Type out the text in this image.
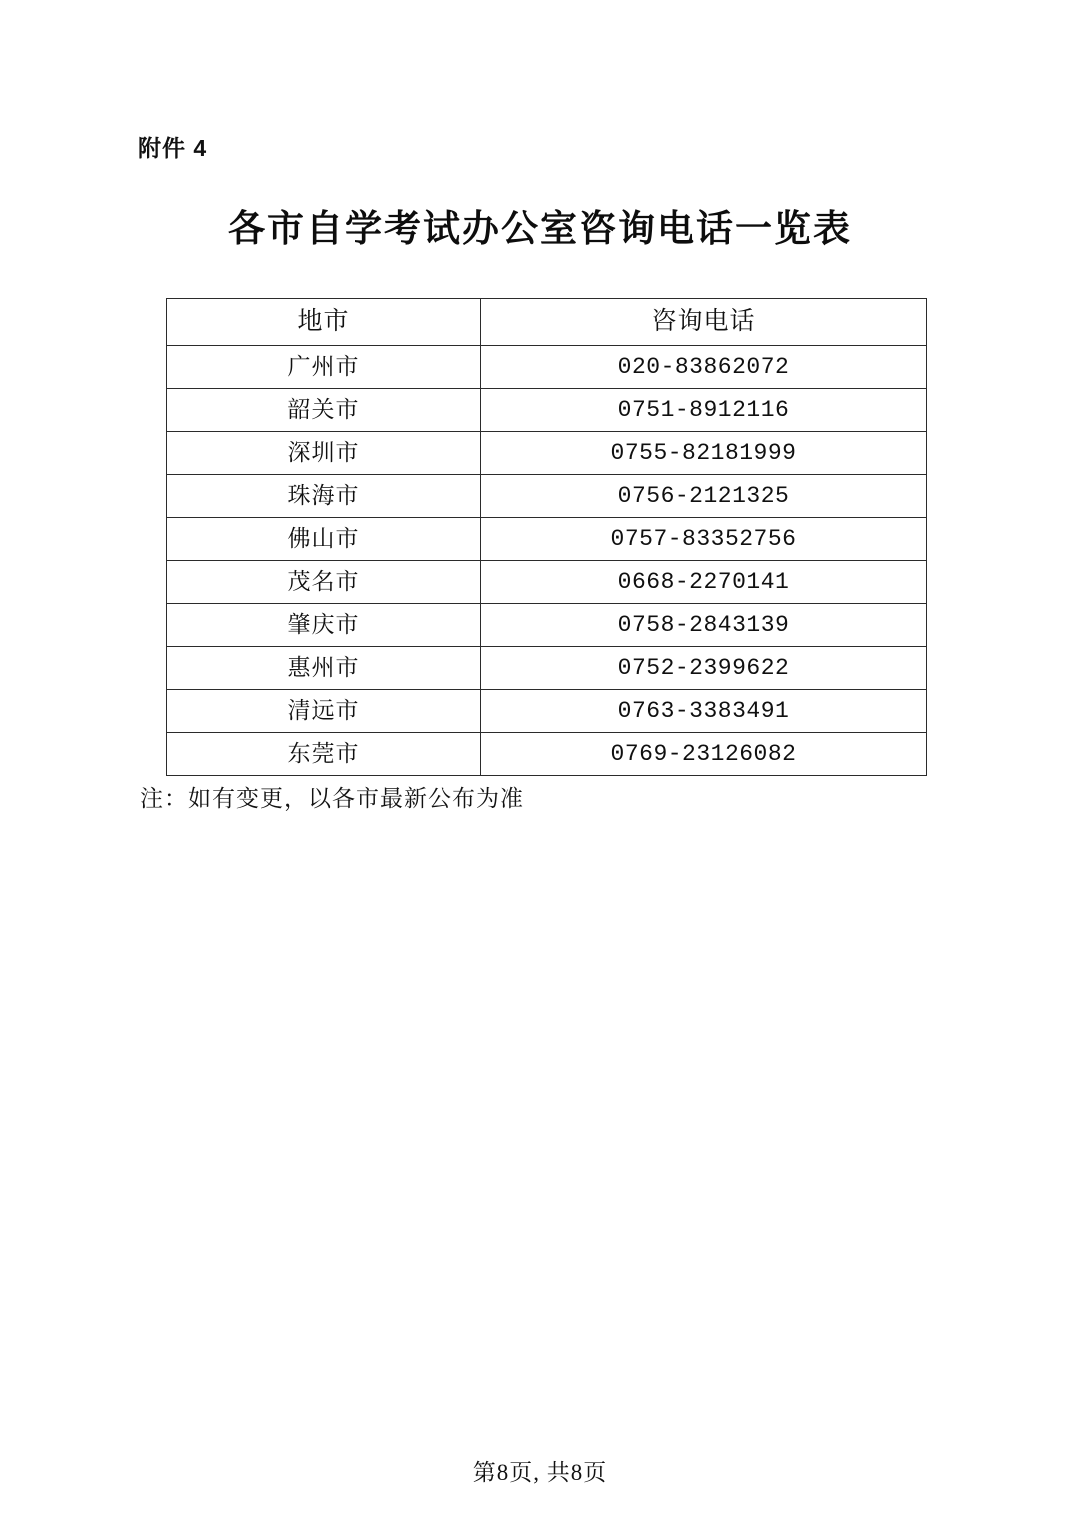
附件 4
各市自学考试办公室咨询电话一览表
地市	咨询电话
广州市	020-83862072
韶关市	0751-8912116
深圳市	0755-82181999
珠海市	0756-2121325
佛山市	0757-83352756
茂名市	0668-2270141
肇庆市	0758-2843139
惠州市	0752-2399622
清远市	0763-3383491
东莞市	0769-23126082
注：如有变更，以各市最新公布为准
第8页, 共8页
